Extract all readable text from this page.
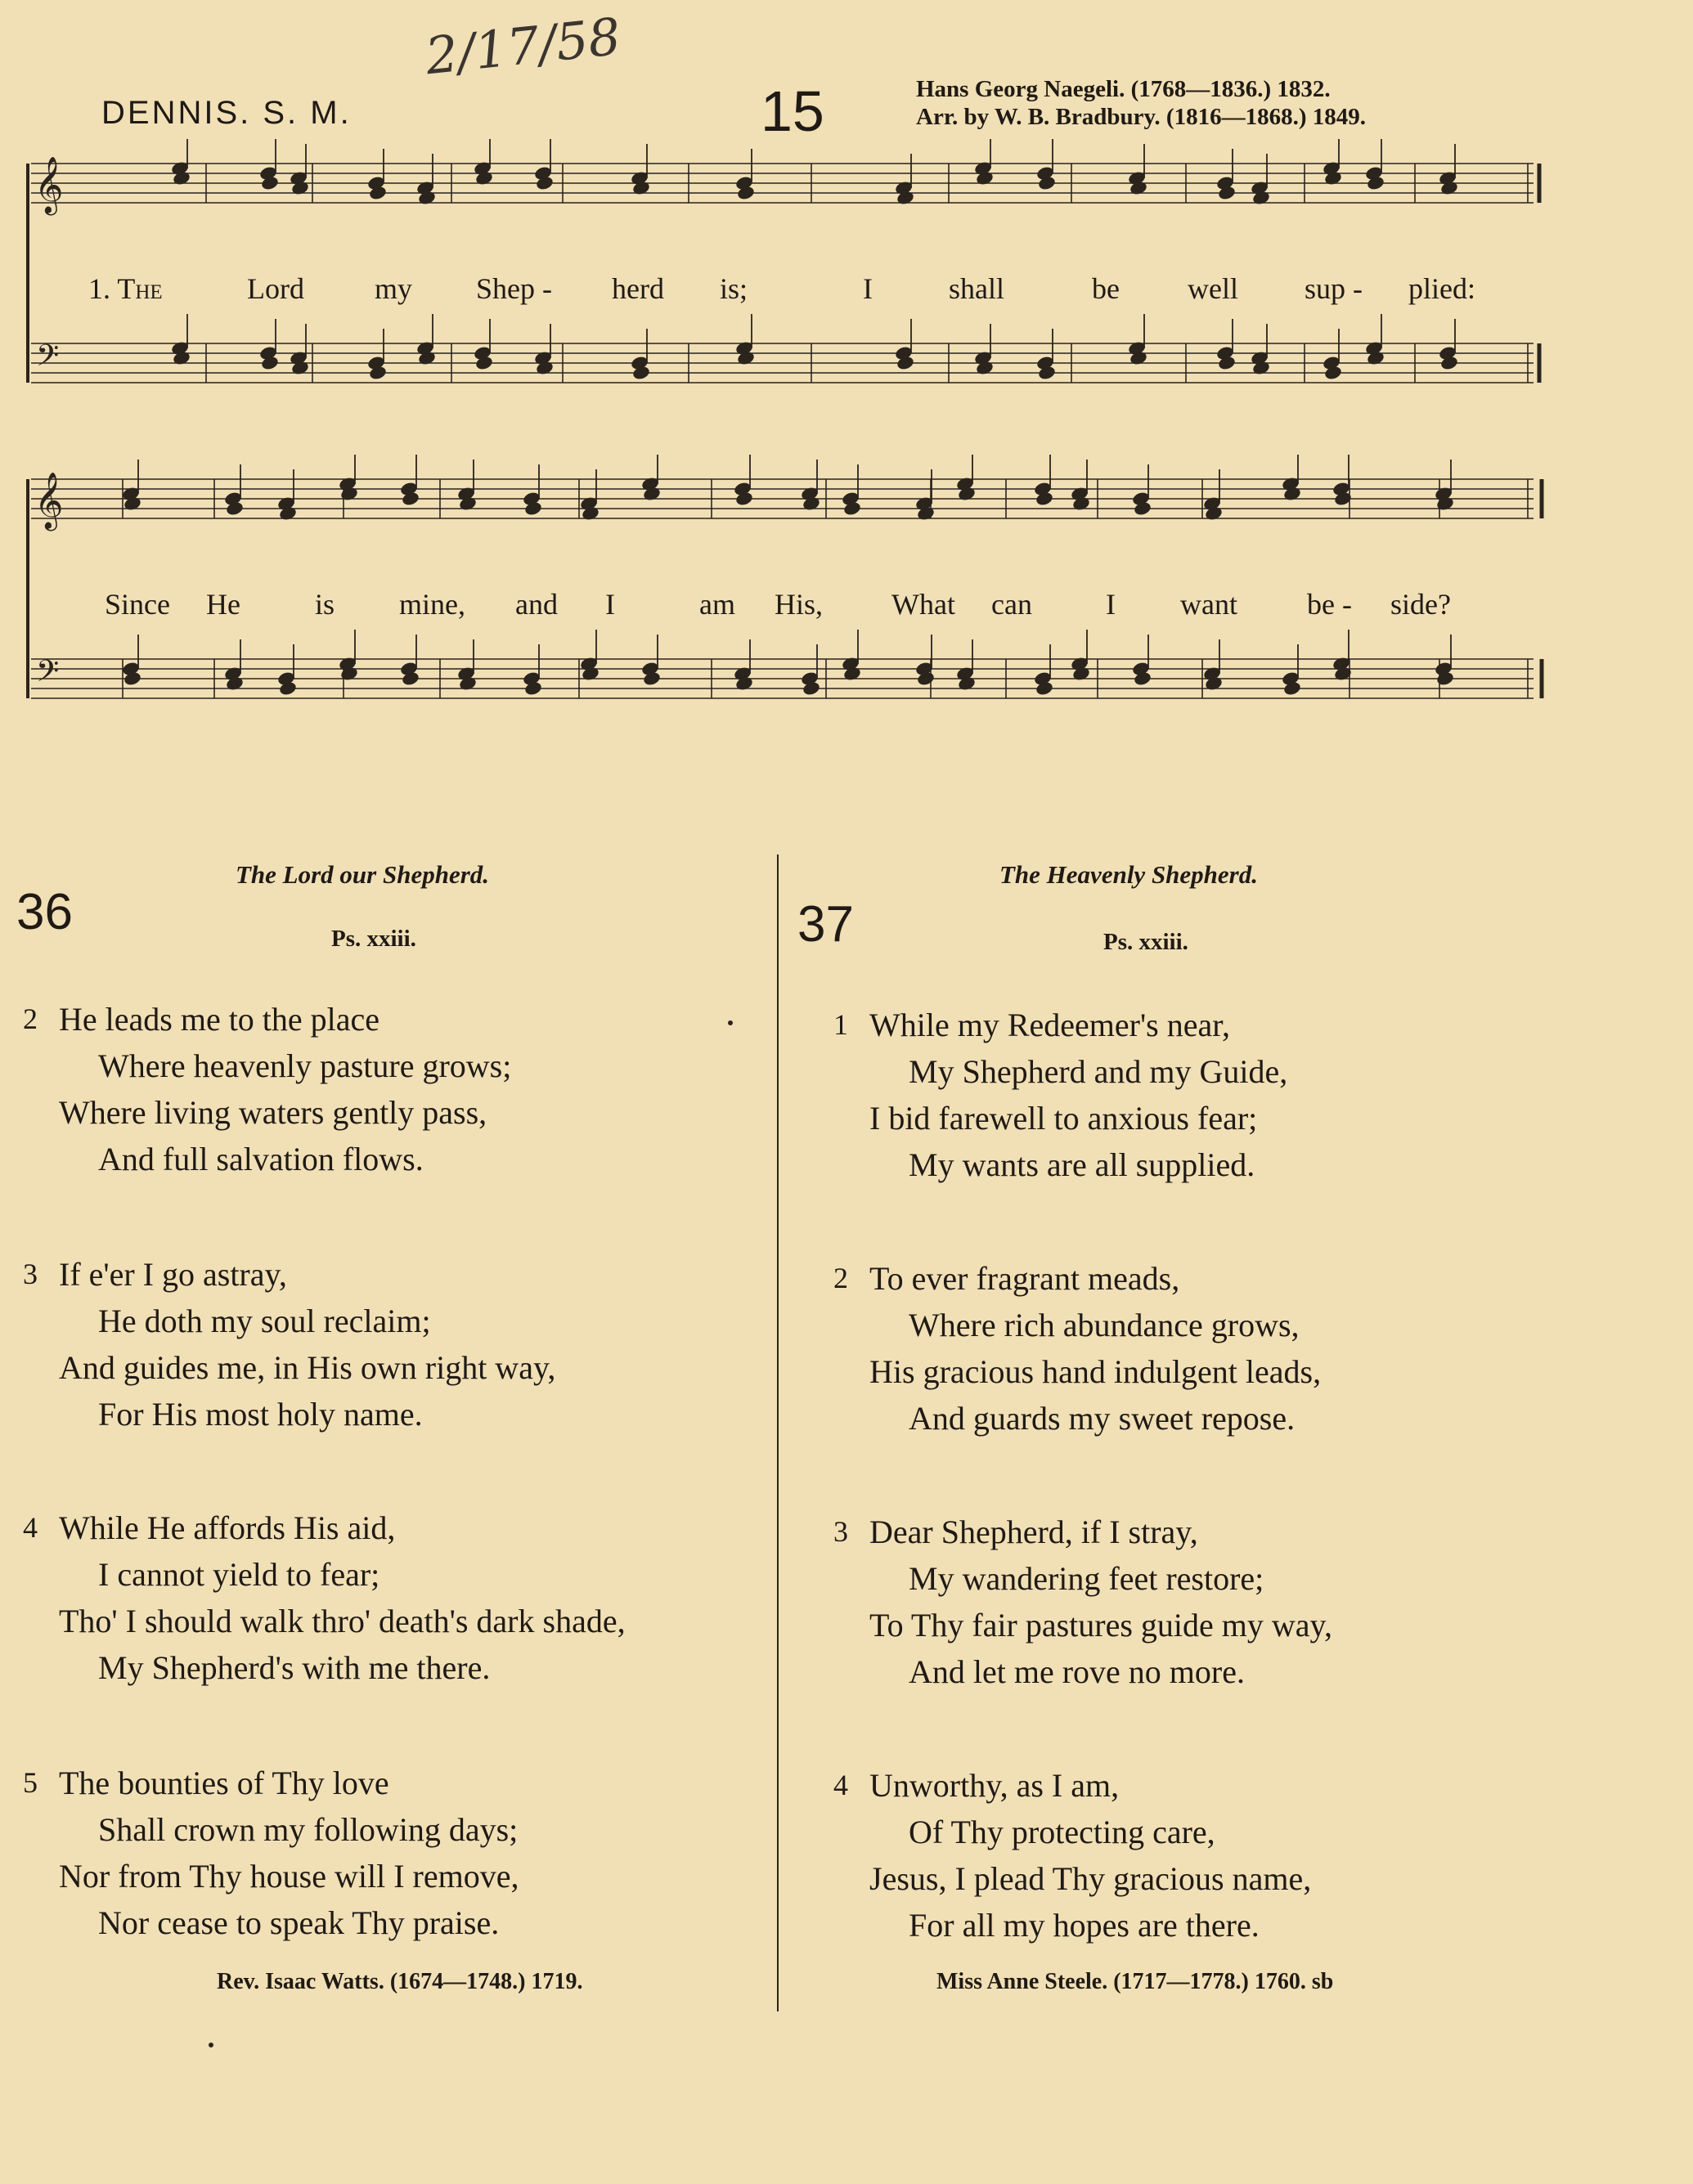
2/17/58
DENNIS. S. M.	15	Hans Georg Naegeli. (1768—1836.) 1832.
Arr. by W. B. Bradbury. (1816—1868.) 1849.
𝄞
𝄢
𝄞
𝄢
1. The	Lord my Shep - herd is;	I	shall	be well sup - plied:
Since He	is mine, and I	am His, What can	I want be - side?
36
The Lord our Shepherd.
Ps. xxiii.
2 He leads me to the place
Where heavenly pasture grows;
Where living waters gently pass,
And full salvation flows.
3 If e'er I go astray,
He doth my soul reclaim;
And guides me, in His own right way,
For His most holy name.
4 While He affords His aid,
I cannot yield to fear;
Tho' I should walk thro' death's dark shade,
My Shepherd's with me there.
5 The bounties of Thy love
Shall crown my following days;
Nor from Thy house will I remove,
Nor cease to speak Thy praise.
Rev. Isaac Watts. (1674—1748.) 1719.
37
The Heavenly Shepherd.
Ps. xxiii.
1 While my Redeemer's near,
My Shepherd and my Guide,
I bid farewell to anxious fear;
My wants are all supplied.
2 To ever fragrant meads,
Where rich abundance grows,
His gracious hand indulgent leads,
And guards my sweet repose.
3 Dear Shepherd, if I stray,
My wandering feet restore;
To Thy fair pastures guide my way,
And let me rove no more.
4 Unworthy, as I am,
Of Thy protecting care,
Jesus, I plead Thy gracious name,
For all my hopes are there.
Miss Anne Steele. (1717—1778.) 1760. sb
